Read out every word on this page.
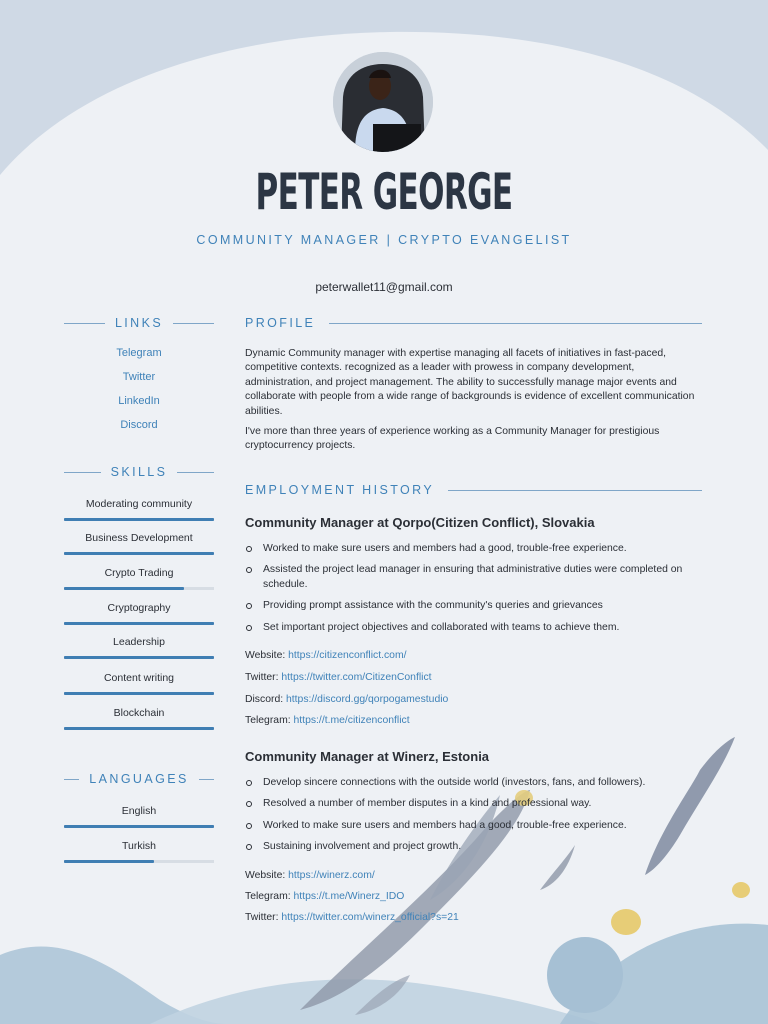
PETER GEORGE
COMMUNITY MANAGER | CRYPTO EVANGELIST
peterwallet11@gmail.com
LINKS
Telegram
Twitter
LinkedIn
Discord
SKILLS
Moderating community
Business Development
Crypto Trading
Cryptography
Leadership
Content writing
Blockchain
LANGUAGES
English
Turkish
PROFILE

Dynamic Community manager with expertise managing all facets of initiatives in fast-paced, competitive contexts. recognized as a leader with prowess in company development, administration, and project management. The ability to successfully manage major events and collaborate with people from a wide range of backgrounds is evidence of excellent communication abilities.

I've more than three years of experience working as a Community Manager for prestigious cryptocurrency projects.

EMPLOYMENT HISTORY
Community Manager at Qorpo(Citizen Conflict), Slovakia
Worked to make sure users and members had a good, trouble-free experience.
Assisted the project lead manager in ensuring that administrative duties were completed on schedule.
Providing prompt assistance with the community's queries and grievances
Set important project objectives and collaborated with teams to achieve them.
Website: https://citizenconflict.com/
Twitter: https://twitter.com/CitizenConflict
Discord: https://discord.gg/qorpogamestudio
Telegram: https://t.me/citizenconflict
Community Manager at Winerz, Estonia
Develop sincere connections with the outside world (investors, fans, and followers).
Resolved a number of member disputes in a kind and professional way.
Worked to make sure users and members had a good, trouble-free experience.
Sustaining involvement and project growth.
Website: https://winerz.com/
Telegram: https://t.me/Winerz_IDO
Twitter: https://twitter.com/winerz_official?s=21
